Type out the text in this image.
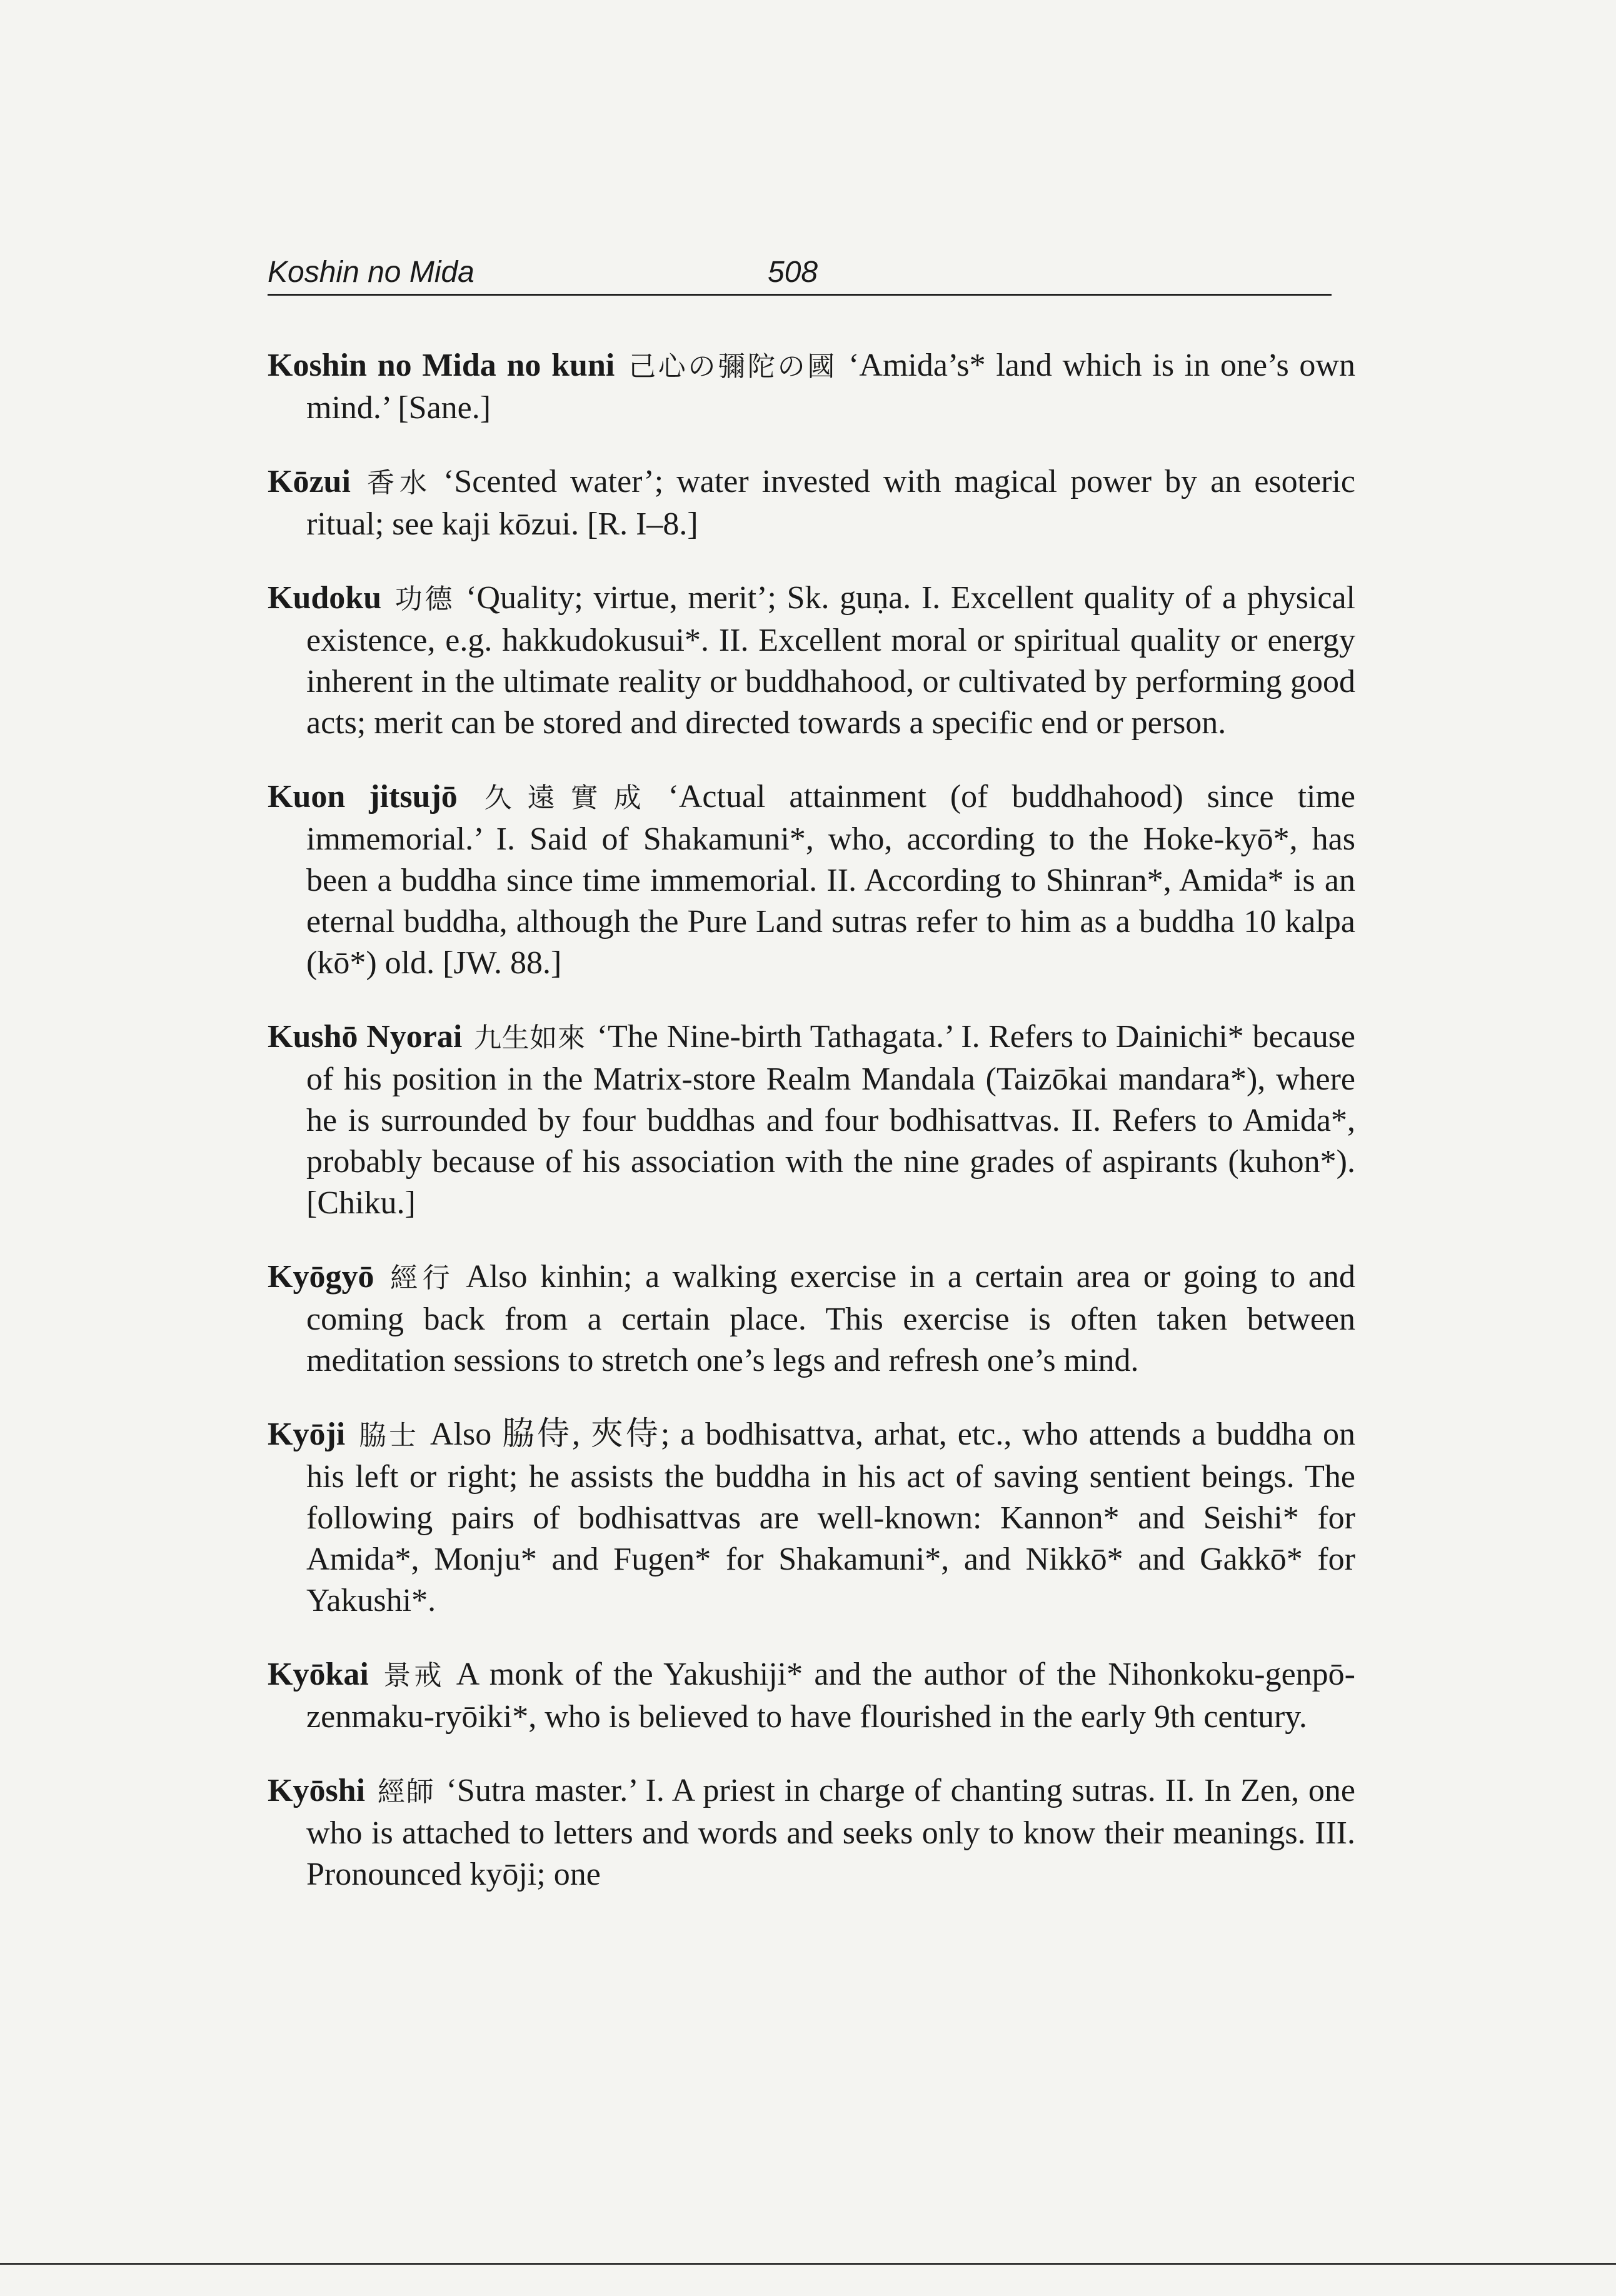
Koshin no Mida	508

Koshin no Mida no kuni 己心の彌陀の國 ‘Amida’s* land which is in one’s own mind.’ [Sane.]

Kōzui 香水 ‘Scented water’; water invested with magical power by an esoteric ritual; see kaji kōzui. [R. I–8.]

Kudoku 功德 ‘Quality; virtue, merit’; Sk. guṇa. I. Excellent quality of a physical existence, e.g. hakkudokusui*. II. Excellent moral or spiritual quality or energy inherent in the ultimate reality or buddhahood, or cultivated by performing good acts; merit can be stored and directed towards a specific end or person.

Kuon jitsujō 久遠實成 ‘Actual attainment (of buddhahood) since time immemorial.’ I. Said of Shakamuni*, who, according to the Hoke-kyō*, has been a buddha since time immemorial. II. According to Shinran*, Amida* is an eternal buddha, although the Pure Land sutras refer to him as a buddha 10 kalpa (kō*) old. [JW. 88.]

Kushō Nyorai 九生如來 ‘The Nine-birth Tathagata.’ I. Refers to Dainichi* because of his position in the Matrix-store Realm Mandala (Taizōkai mandara*), where he is surrounded by four buddhas and four bodhisattvas. II. Refers to Amida*, probably because of his association with the nine grades of aspirants (kuhon*). [Chiku.]

Kyōgyō 經行 Also kinhin; a walking exercise in a certain area or going to and coming back from a certain place. This exercise is often taken between meditation sessions to stretch one’s legs and refresh one’s mind.

Kyōji 脇士 Also 脇侍, 夾侍; a bodhisattva, arhat, etc., who attends a buddha on his left or right; he assists the buddha in his act of saving sentient beings. The following pairs of bodhisattvas are well-known: Kannon* and Seishi* for Amida*, Monju* and Fugen* for Shakamuni*, and Nikkō* and Gakkō* for Yakushi*.

Kyōkai 景戒 A monk of the Yakushiji* and the author of the Nihonkoku-genpō-zenmaku-ryōiki*, who is believed to have flourished in the early 9th century.

Kyōshi 經師 ‘Sutra master.’ I. A priest in charge of chanting sutras. II. In Zen, one who is attached to letters and words and seeks only to know their meanings. III. Pronounced kyōji; one
